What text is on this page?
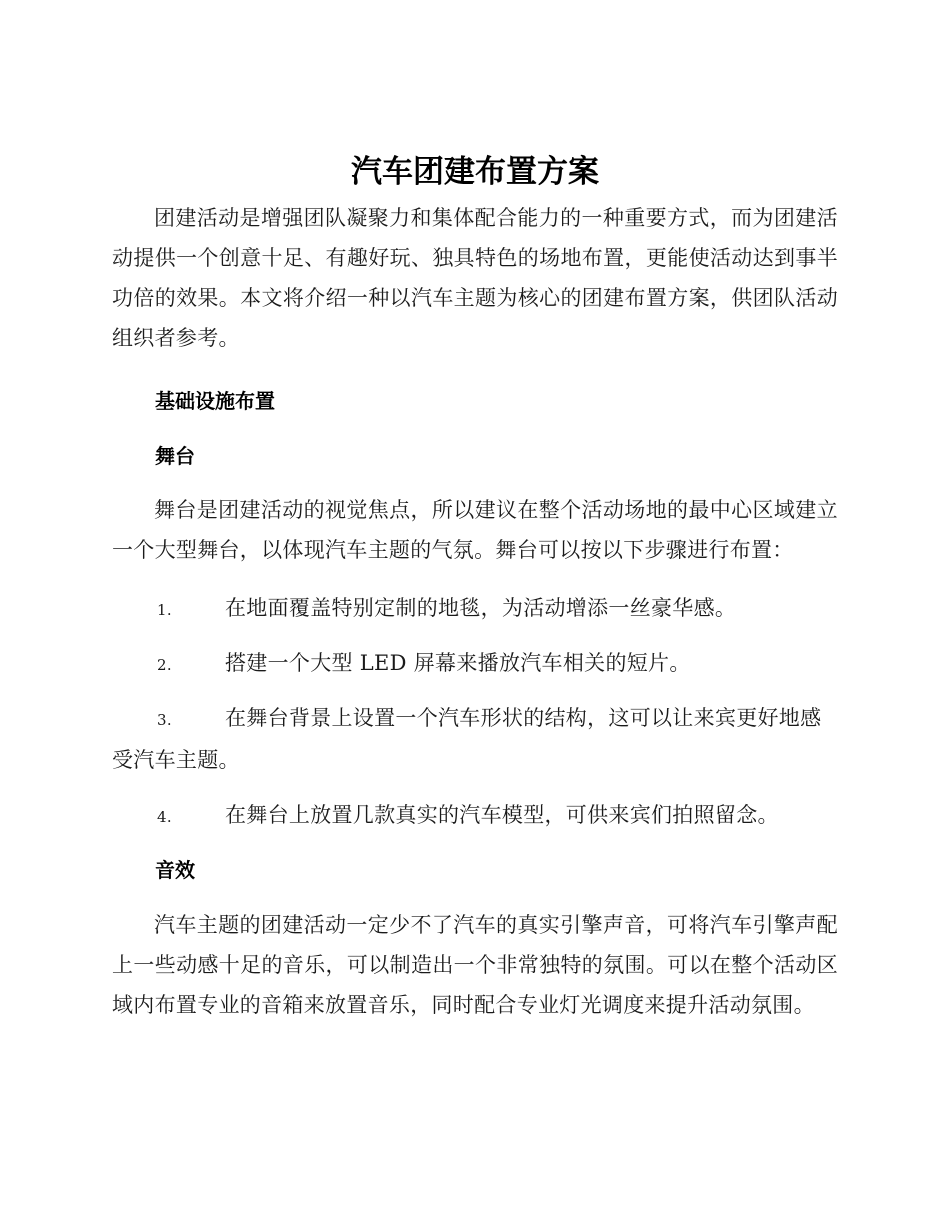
汽车团建布置方案

团建活动是增强团队凝聚力和集体配合能力的一种重要方式，而为团建活动提供一个创意十足、有趣好玩、独具特色的场地布置，更能使活动达到事半功倍的效果。本文将介绍一种以汽车主题为核心的团建布置方案，供团队活动组织者参考。

基础设施布置
舞台

舞台是团建活动的视觉焦点，所以建议在整个活动场地的最中心区域建立一个大型舞台，以体现汽车主题的气氛。舞台可以按以下步骤进行布置：

1.	在地面覆盖特别定制的地毯，为活动增添一丝豪华感。

2.	搭建一个大型 LED 屏幕来播放汽车相关的短片。

3.	在舞台背景上设置一个汽车形状的结构，这可以让来宾更好地感受汽车主题。

4.	在舞台上放置几款真实的汽车模型，可供来宾们拍照留念。

音效

汽车主题的团建活动一定少不了汽车的真实引擎声音，可将汽车引擎声配上一些动感十足的音乐，可以制造出一个非常独特的氛围。可以在整个活动区域内布置专业的音箱来放置音乐，同时配合专业灯光调度来提升活动氛围。
